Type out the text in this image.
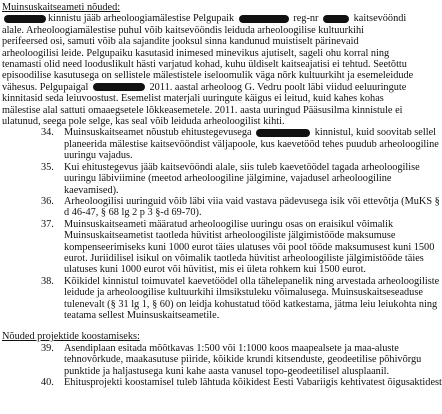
Muinsuskaitseameti nõuded:
kinnistu jääb arheoloogiamälestise Pelgupaik	reg-nr	kaitsevööndi
alale. Arheoloogiamälestise puhul võib kaitsevööndis leiduda arheoloogilise kultuurkihi
perifeersed osi, samuti võib ala sajandite jooksul sinna kandunud muistiselt pärinevaid
arheoloogilisi leide. Pelgupaiku kasutasid inimesed minevikus ajutiselt, sageli ohu korral ning
tenamasti olid need looduslikult hästi varjatud kohad, kuhu üldiselt kaitseajatisi ei tehtud. Seetõttu
episoodilise kasutusega on sellistele mälestistele iseloomulik väga nõrk kultuurkiht ja esemeleidude
vähesus. Pelgupaigal	2011. aastal arheoloog G. Vedru poolt läbi viidud eeluuringute
kinnitasid seda leiuvoostust. Esemelist materjali uuringute käigus ei leitud, kuid kahes kohas
mälestise alal sattuti omaaegsetele lõkkeasemetele. 2011. aasta uuringud Pääsusilma kinnistule ei
ulatunud, seega pole selge, kas seal võib leiduda arheoloogilist kihti.
34. Muinsuskaitseamet nõustub ehitustegevusega	kinnistul, kuid soovitab sellel
planeerida mälestise kaitsevööndist väljapoole, kus kaevetööd tehes puudub arheoloogiline
uuringu vajadus.
35. Kui ehitustegevus jääb kaitsevööndi alale, siis tuleb kaevetöödel tagada arheoloogilise
uuringu läbiviimine (meetod arheoloogiline jälgimine, vajadusel arheoloogiline
kaevamised).
36. Arheoloogilisi uuringuid võib läbi viia vaid vastava pädevusega isik või ettevõtja (MuKS §
d 46-47, § 68 lg 2 p 3 §-d 69-70).
37. Muinsuskaitseameti määratud arheoloogilise uuringu osas on eraisikul võimalik
Muinsuskaitseametist taotleda hüvitist arheoloogiliste jälgimistööde maksumuse
kompenseerimiseks kuni 1000 eurot täies ulatuses või pool tööde maksumusest kuni 1500
eurot. Juriidilisel isikul on võimalik taotleda hüvitist arheoloogiliste jälgimistööde täies
ulatuses kuni 1000 eurot või hüvitist, mis ei ületa rohkem kui 1500 eurot.
38. Kõikidel kinnistul toimuvatel kaevetöödel olla tähelepanelik ning arvestada arheoloogiliste
leidude ja arheoloogilise kultuurkihi ilmsikstuleku võimalusega. Muinsuskaitseseaduse
tulenevalt (§ 31 lg 1, § 60) on leidja kohustatud tööd katkestama, jätma leiu leiukohta ning
teatama sellest Muinsuskaitseametile.
Nõuded projektide koostamiseks:
39. Asendiplaan esitada mõõtkavas 1:500 või 1:1000 koos maapealsete ja maa-aluste
tehnovõrkude, maakasutuse piiride, kõikide krundi kitsenduste, geodeetilise põhivõrgu
punktide ja haljastusega kuni kahe aasta vanusel topo-geodeetilisel alusplaanil.
40. Ehitusprojekti koostamisel tuleb lähtuda kõikidest Eesti Vabariigis kehtivatest õigusaktidest
